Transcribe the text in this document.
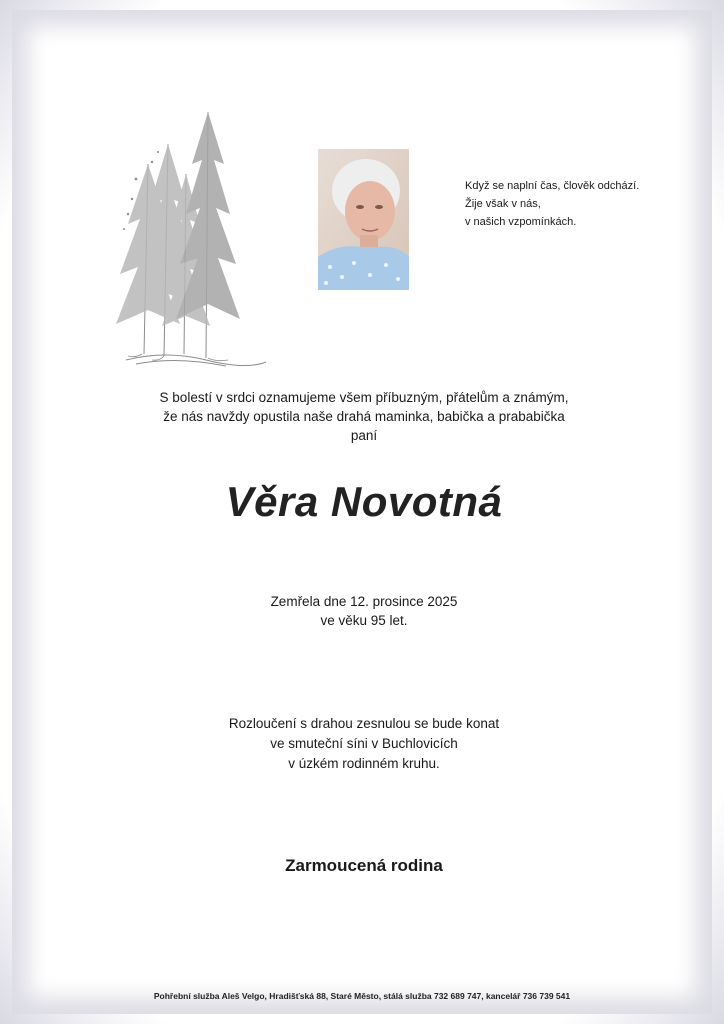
Když se naplní čas, člověk odchází.
Žije však v nás,
v našich vzpomínkách.
S bolestí v srdci oznamujeme všem příbuzným, přátelům a známým,
že nás navždy opustila naše drahá maminka, babička a prababička
paní
Věra Novotná
Zemřela dne 12. prosince 2025
ve věku 95 let.
Rozloučení s drahou zesnulou se bude konat
ve smuteční síni v Buchlovicích
v úzkém rodinném kruhu.
Zarmoucená rodina
Pohřební služba Aleš Velgo, Hradišťská 88, Staré Město, stálá služba 732 689 747, kancelář 736 739 541
